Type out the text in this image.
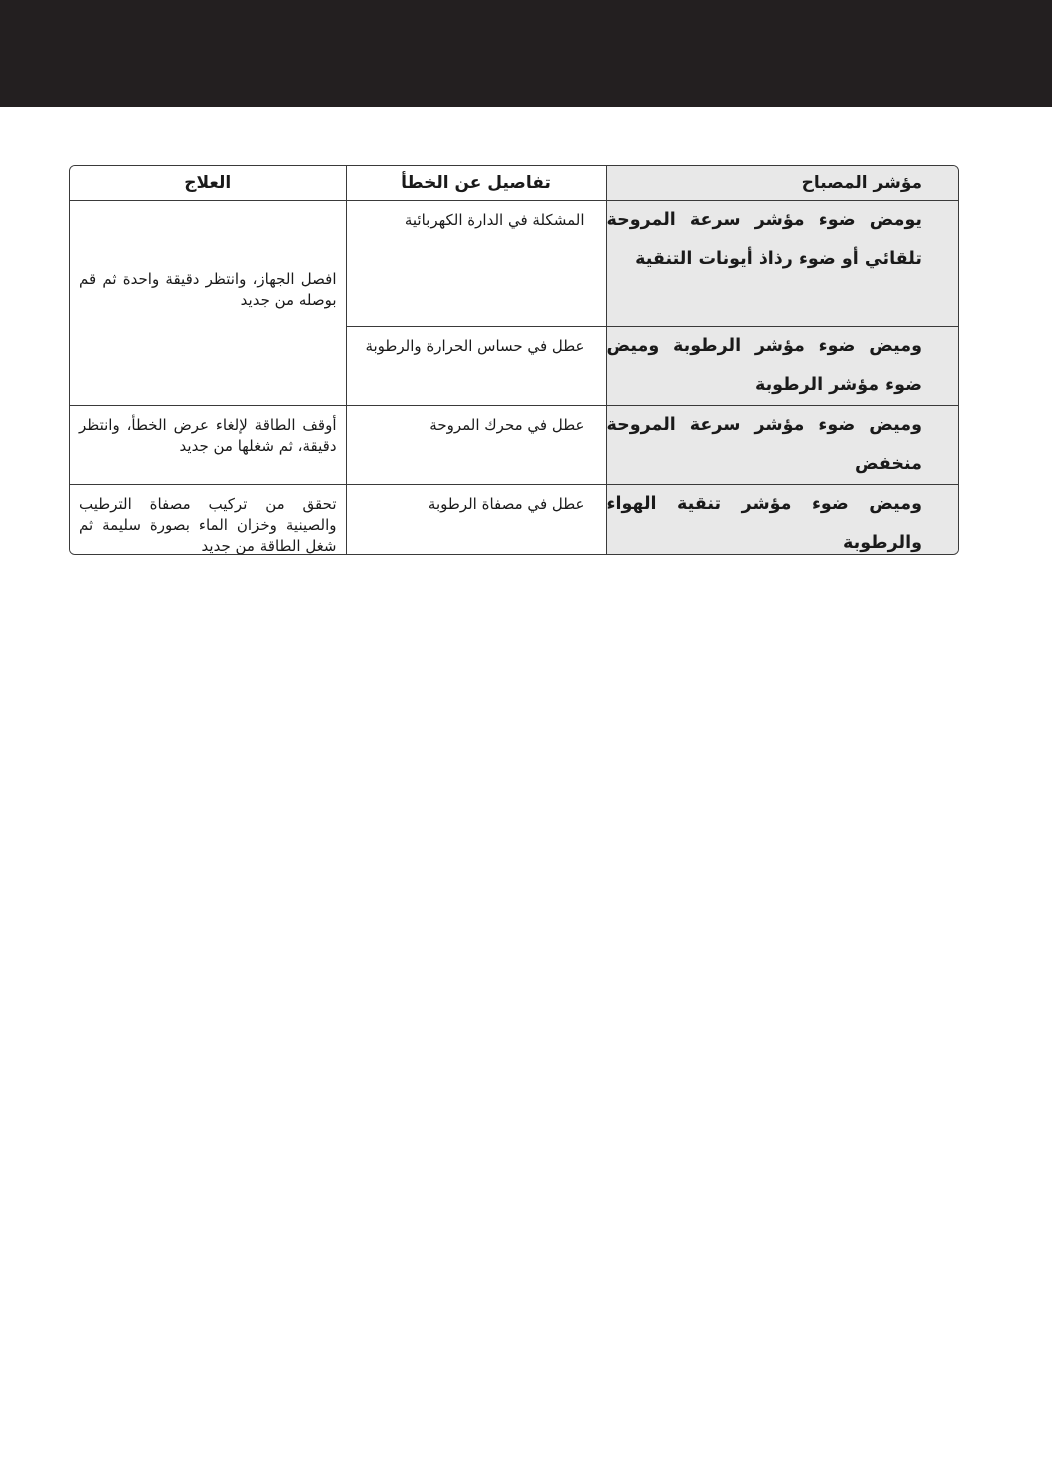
مؤشر المصباح	تفاصيل عن الخطأ	العلاج

يومض ضوء مؤشر سرعة المروحة تلقائي أو ضوء رذاذ أيونات التنقية	المشكلة في الدارة الكهربائية	افصل الجهاز، وانتظر دقيقة واحدة ثم قم بوصله من جديد

وميض ضوء مؤشر الرطوبة وميض ضوء مؤشر الرطوبة	عطل في حساس الحرارة والرطوبة	

وميض ضوء مؤشر سرعة المروحة منخفض	عطل في محرك المروحة	أوقف الطاقة لإلغاء عرض الخطأ، وانتظر دقيقة، ثم شغلها من جديد

وميض ضوء مؤشر تنقية الهواء والرطوبة	عطل في مصفاة الرطوبة	تحقق من تركيب مصفاة الترطيب والصينية وخزان الماء بصورة سليمة ثم شغل الطاقة من جديد
